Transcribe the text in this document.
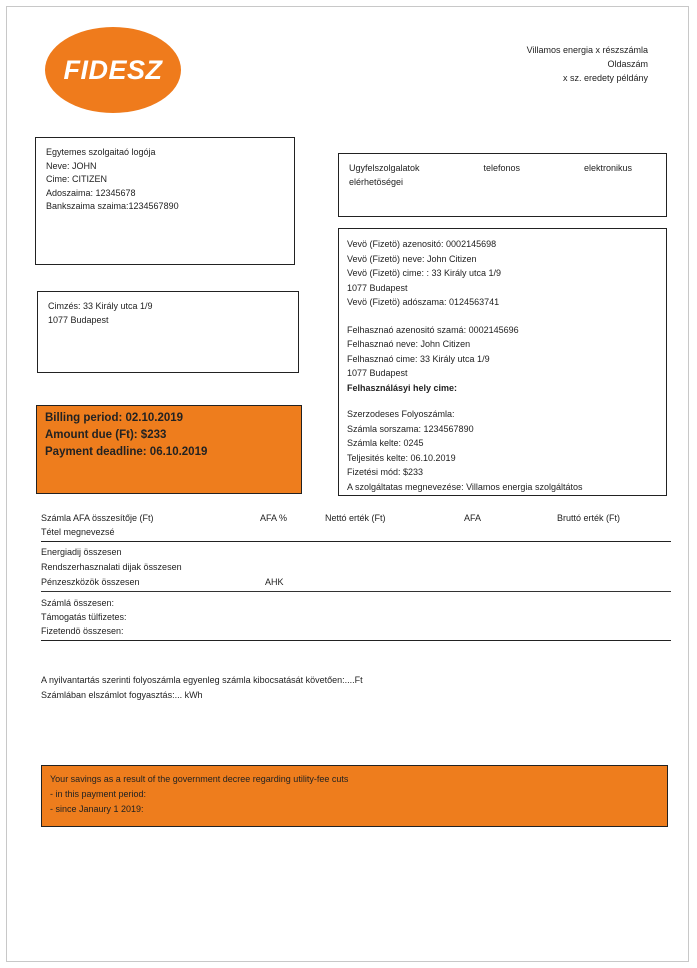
FIDESZ
Villamos energia x részszámla
Oldaszám
x sz. eredety példány
Egytemes szolgaitaó logója
Neve: JOHN
Cime: CITIZEN
Adoszaima: 12345678
Bankszaima szaima:1234567890
Ugyfelszolgalatok	telefonos	elektronikus
elérhetöségei
Cimzés: 33 Király utca 1/9
1077 Budapest
Billing period: 02.10.2019
Amount due (Ft): $233
Payment deadline: 06.10.2019
Vevö (Fizetö) azenositó: 0002145698
Vevö (Fizetö) neve: John Citizen
Vevö (Fizetö) cime: : 33 Király utca 1/9
1077 Budapest
Vevö (Fizetö) adószama: 0124563741
Felhasznaó azenositó szamá: 0002145696
Felhasznaó neve: John Citizen
Felhasznaó cime: 33 Király utca 1/9
1077 Budapest
Felhasználásyi hely cime:
Szerzodeses Folyoszámla:
Számla sorszama: 1234567890
Számla kelte: 0245
Teljesités kelte: 06.10.2019
Fizetési mód: $233
A szolgáltatas megnevezése: Villamos energia szolgáltátos
Számla AFA összesítője (Ft)	AFA %	Nettó erték (Ft)	AFA	Bruttó erték (Ft)
Tétel megnevezsé
Energiadij összesen
Rendszerhasznalati dijak összesen
Pénzeszközök összesen	AHK
Számlá összesen:
Támogatás tülfizetes:
Fizetendö összesen:
A nyilvantartás szerinti folyoszámla egyenleg számla kibocsatását követően:....Ft
Számlában elszámlot fogyasztás:... kWh
Your savings as a result of the government decree regarding utility-fee cuts
- in this payment period:
- since Janaury 1 2019:
